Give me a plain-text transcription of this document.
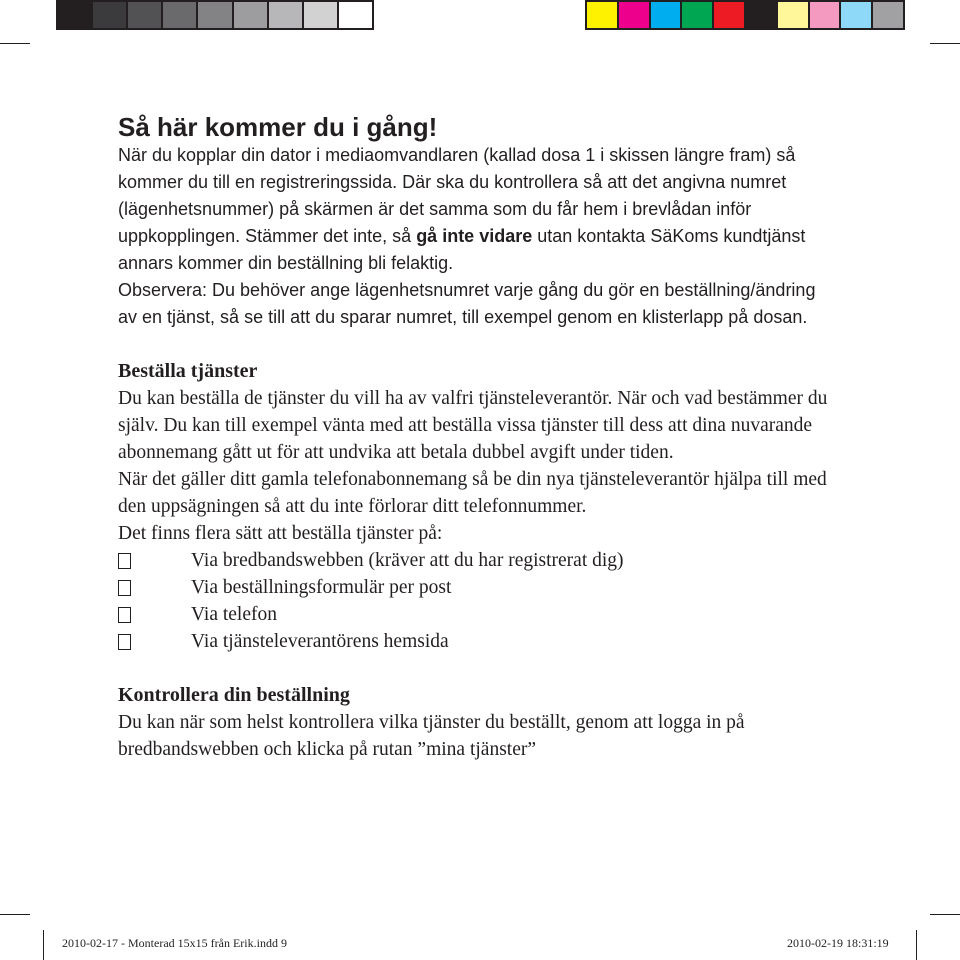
Så här kommer du i gång!

När du kopplar din dator i mediaomvandlaren (kallad dosa 1 i skissen längre fram) så kommer du till en registreringssida. Där ska du kontrollera så att det angivna numret (lägenhetsnummer) på skärmen är det samma som du får hem i brevlådan inför uppkopplingen. Stämmer det inte, så gå inte vidare utan kontakta SäKoms kundtjänst annars kommer din beställning bli felaktig.

Observera: Du behöver ange lägenhetsnumret varje gång du gör en beställning/ändring av en tjänst, så se till att du sparar numret, till exempel genom en klisterlapp på dosan.

Beställa tjänster

Du kan beställa de tjänster du vill ha av valfri tjänsteleverantör. När och vad bestämmer du själv. Du kan till exempel vänta med att beställa vissa tjänster till dess att dina nuvarande abonnemang gått ut för att undvika att betala dubbel avgift under tiden.

När det gäller ditt gamla telefonabonnemang så be din nya tjänsteleverantör hjälpa till med den uppsägningen så att du inte förlorar ditt telefonnummer.

Det finns flera sätt att beställa tjänster på:

Via bredbandswebben (kräver att du har registrerat dig)
Via beställningsformulär per post
Via telefon
Via tjänsteleverantörens hemsida
Kontrollera din beställning

Du kan när som helst kontrollera vilka tjänster du beställt, genom att logga in på bredbandswebben och klicka på rutan ”mina tjänster”

2010-02-17 - Monterad 15x15 från Erik.indd 9	2010-02-19 18:31:19
